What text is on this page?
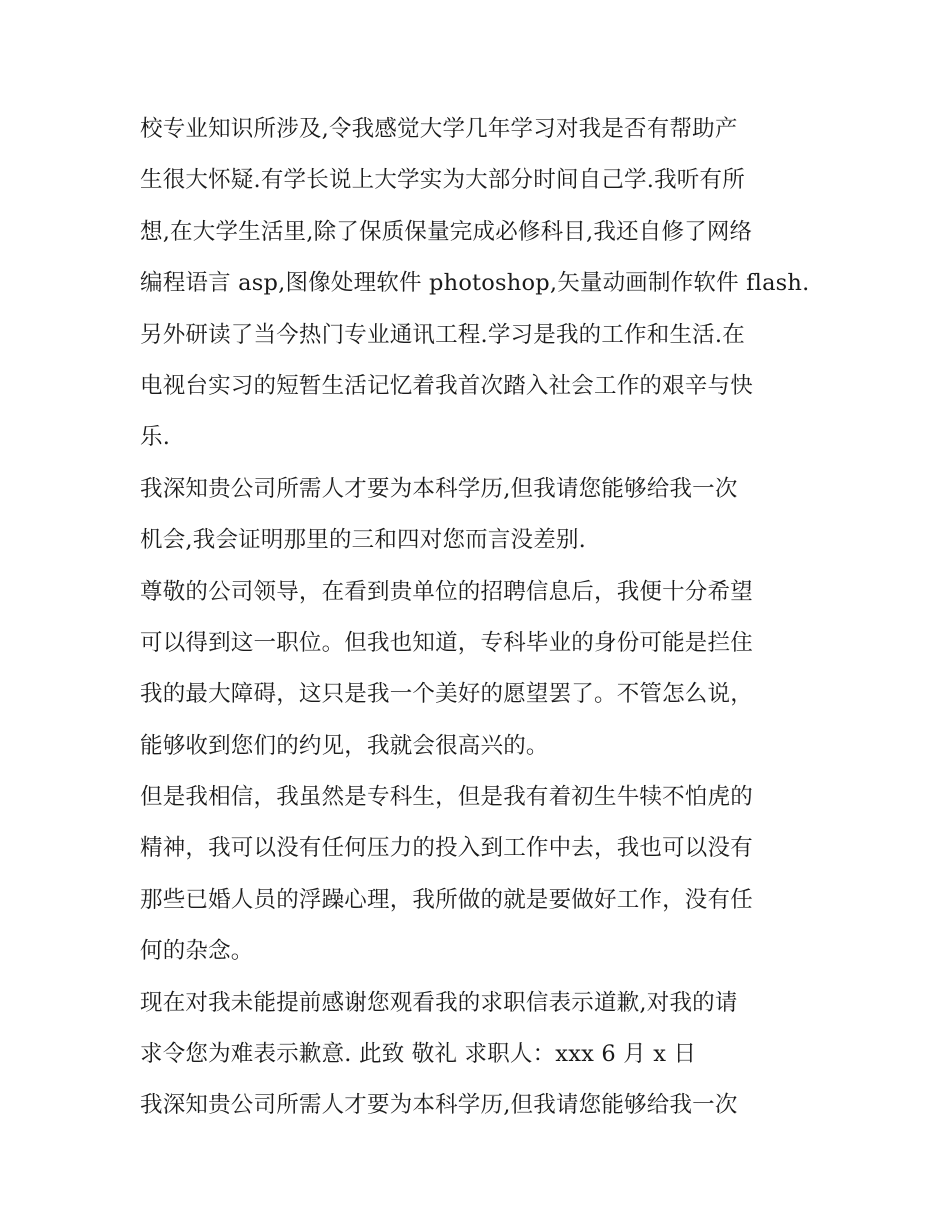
校专业知识所涉及,令我感觉大学几年学习对我是否有帮助产
生很大怀疑.有学长说上大学实为大部分时间自己学.我听有所
想,在大学生活里,除了保质保量完成必修科目,我还自修了网络
编程语言 asp,图像处理软件 photoshop,矢量动画制作软件 flash.
另外研读了当今热门专业通讯工程.学习是我的工作和生活.在
电视台实习的短暂生活记忆着我首次踏入社会工作的艰辛与快
乐.
我深知贵公司所需人才要为本科学历,但我请您能够给我一次
机会,我会证明那里的三和四对您而言没差别.
尊敬的公司领导，在看到贵单位的招聘信息后，我便十分希望
可以得到这一职位。但我也知道，专科毕业的身份可能是拦住
我的最大障碍，这只是我一个美好的愿望罢了。不管怎么说，
能够收到您们的约见，我就会很高兴的。
但是我相信，我虽然是专科生，但是我有着初生牛犊不怕虎的
精神，我可以没有任何压力的投入到工作中去，我也可以没有
那些已婚人员的浮躁心理，我所做的就是要做好工作，没有任
何的杂念。
现在对我未能提前感谢您观看我的求职信表示道歉,对我的请
求令您为难表示歉意. 此致 敬礼 求职人：xxx 6 月 x 日
我深知贵公司所需人才要为本科学历,但我请您能够给我一次
